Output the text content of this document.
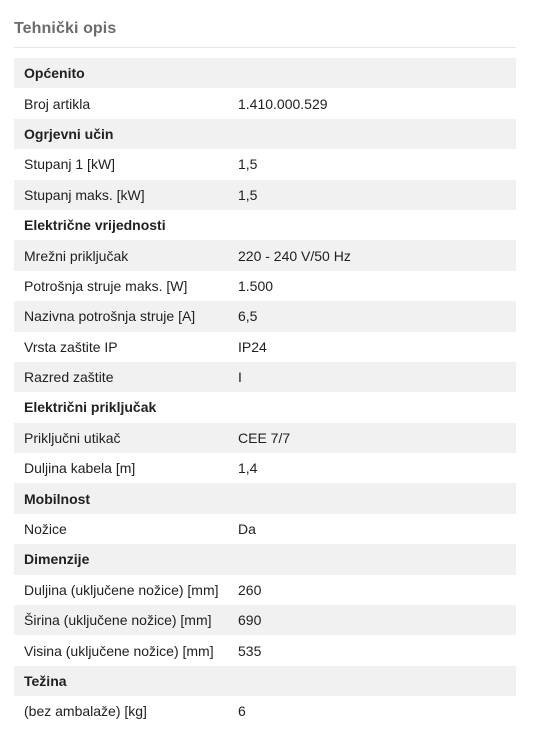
Tehnički opis
Općenito
Broj artikla	1.410.000.529
Ogrjevni učin
Stupanj 1 [kW]	1,5
Stupanj maks. [kW]	1,5
Električne vrijednosti
Mrežni priključak	220 - 240 V/50 Hz
Potrošnja struje maks. [W]	1.500
Nazivna potrošnja struje [A]	6,5
Vrsta zaštite IP	IP24
Razred zaštite	I
Električni priključak
Priključni utikač	CEE 7/7
Duljina kabela [m]	1,4
Mobilnost
Nožice	Da
Dimenzije
Duljina (uključene nožice) [mm]	260
Širina (uključene nožice) [mm]	690
Visina (uključene nožice) [mm]	535
Težina
(bez ambalaže) [kg]	6
